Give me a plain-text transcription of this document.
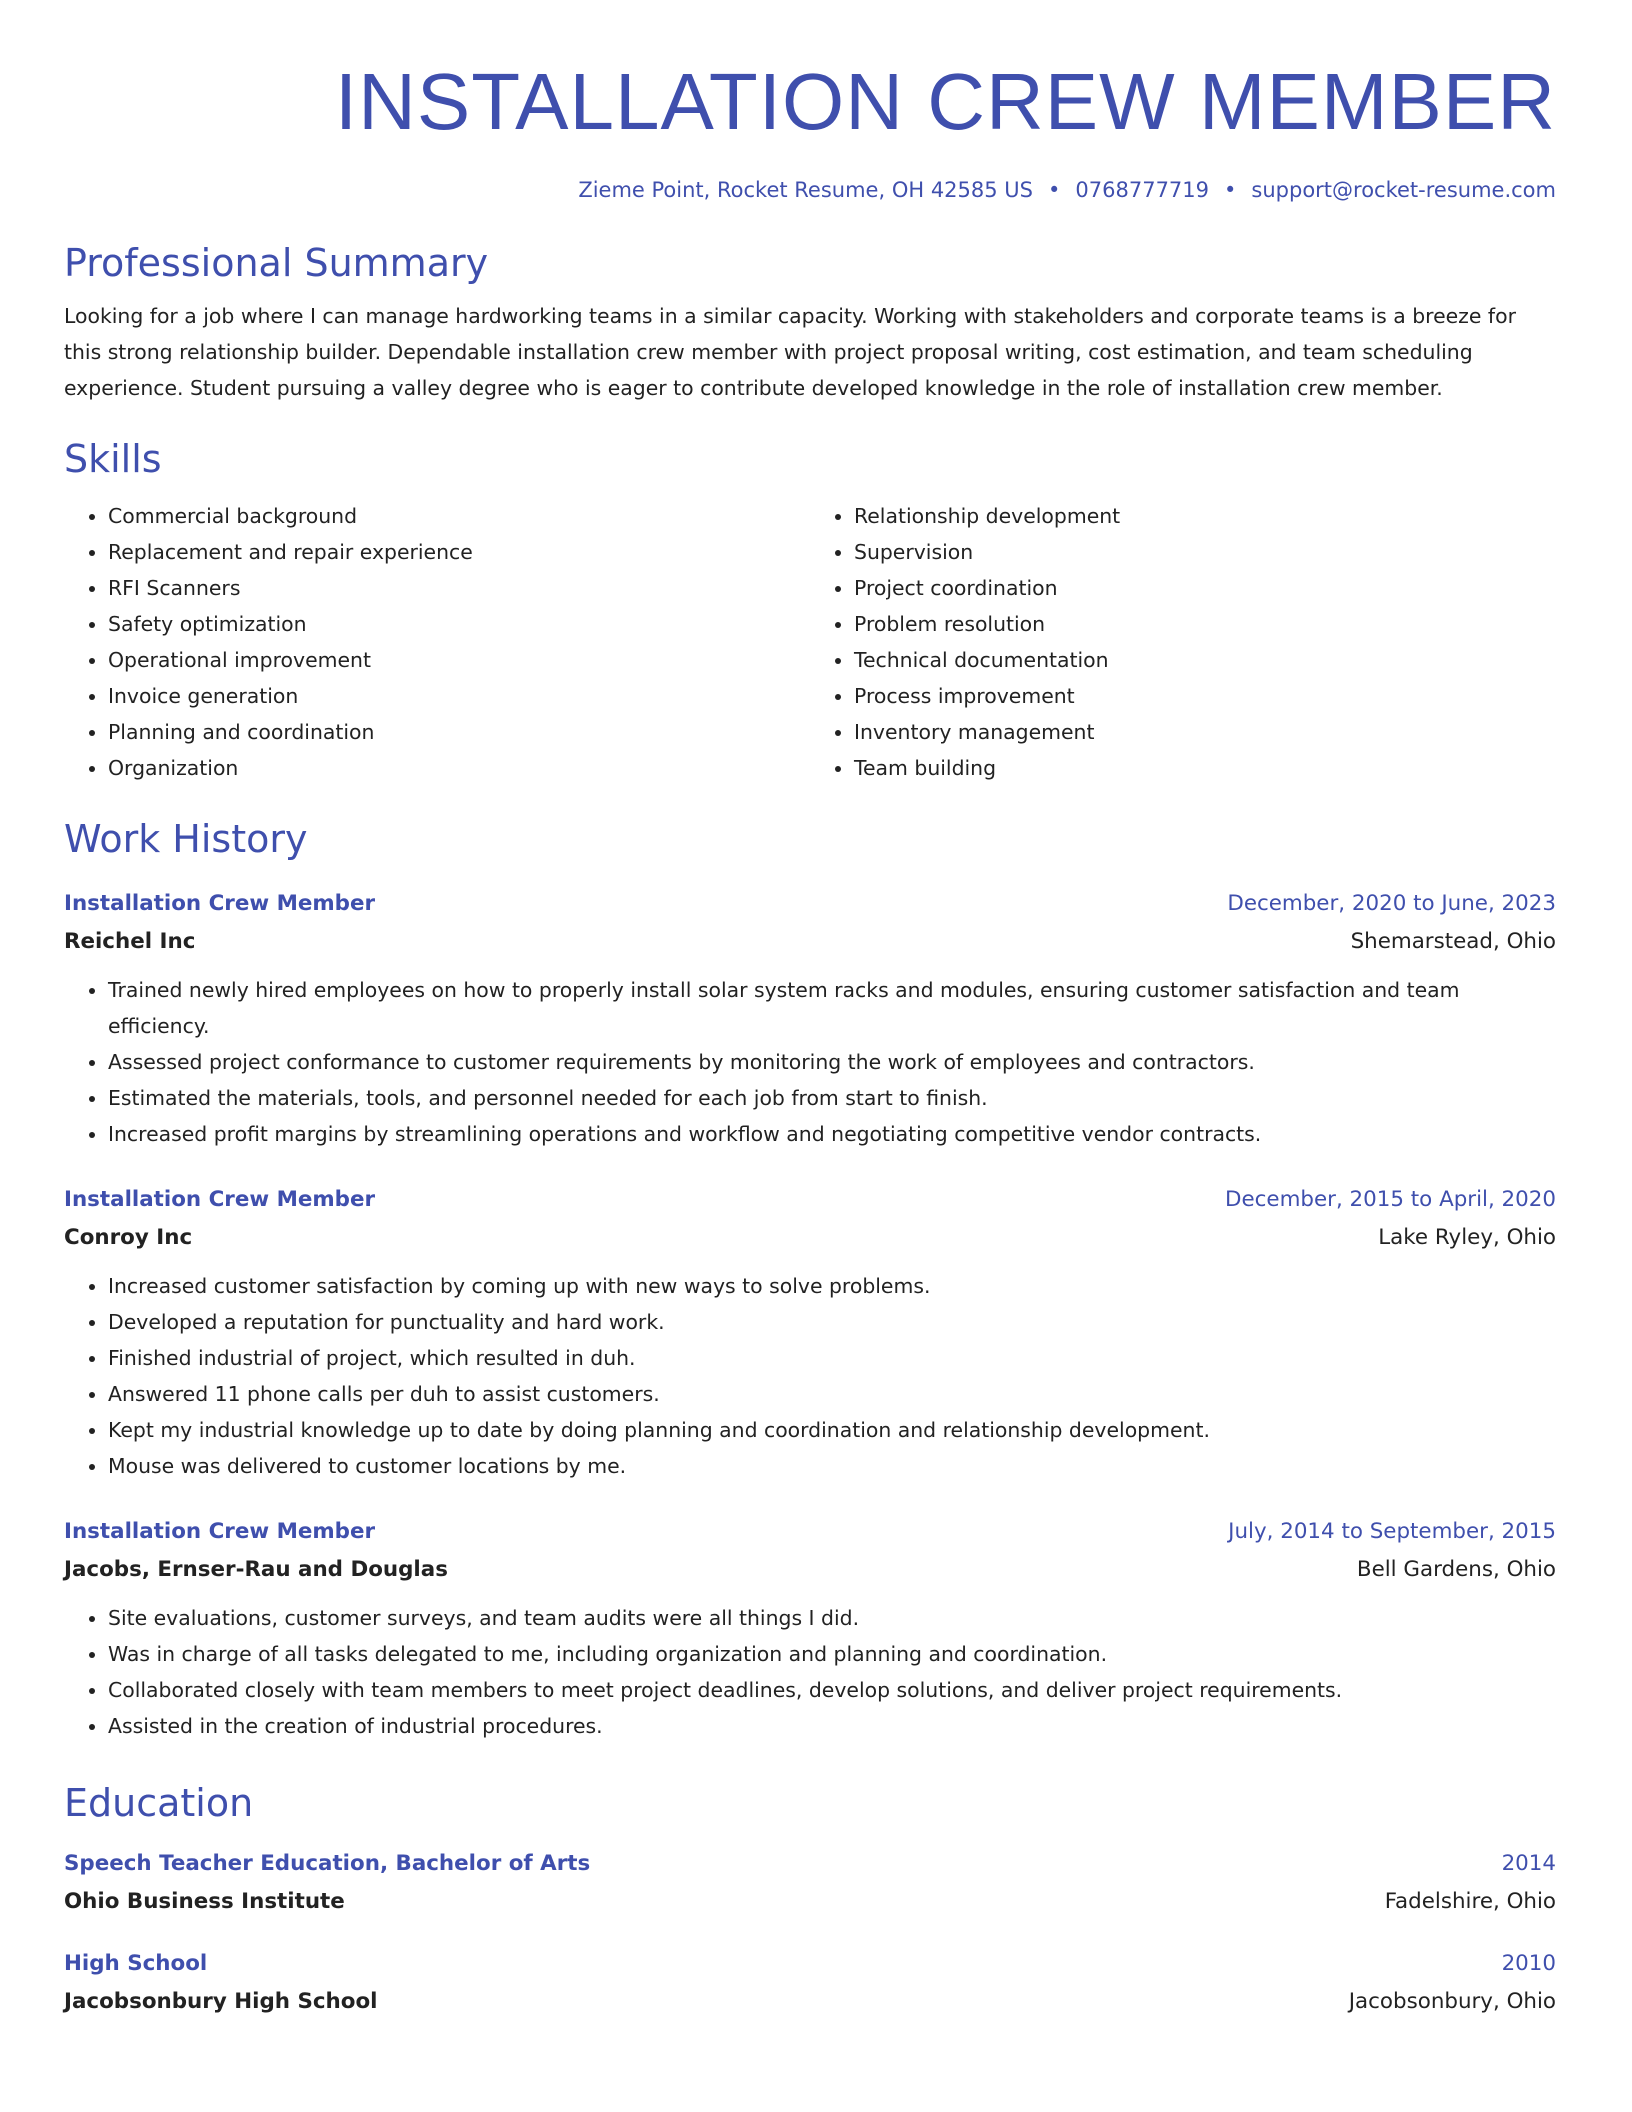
INSTALLATION CREW MEMBER
Zieme Point, Rocket Resume, OH 42585 US • 0768777719 • support@rocket-resume.com
Professional Summary
Looking for a job where I can manage hardworking teams in a similar capacity. Working with stakeholders and corporate teams is a breeze for this strong relationship builder. Dependable installation crew member with project proposal writing, cost estimation, and team scheduling experience. Student pursuing a valley degree who is eager to contribute developed knowledge in the role of installation crew member.
Skills
• Commercial background
• Replacement and repair experience
• RFI Scanners
• Safety optimization
• Operational improvement
• Invoice generation
• Planning and coordination
• Organization
• Relationship development
• Supervision
• Project coordination
• Problem resolution
• Technical documentation
• Process improvement
• Inventory management
• Team building
Work History
Installation Crew Member	December, 2020 to June, 2023
Reichel Inc	Shemarstead, Ohio
• Trained newly hired employees on how to properly install solar system racks and modules, ensuring customer satisfaction and team efficiency.
• Assessed project conformance to customer requirements by monitoring the work of employees and contractors.
• Estimated the materials, tools, and personnel needed for each job from start to finish.
• Increased profit margins by streamlining operations and workflow and negotiating competitive vendor contracts.
Installation Crew Member	December, 2015 to April, 2020
Conroy Inc	Lake Ryley, Ohio
• Increased customer satisfaction by coming up with new ways to solve problems.
• Developed a reputation for punctuality and hard work.
• Finished industrial of project, which resulted in duh.
• Answered 11 phone calls per duh to assist customers.
• Kept my industrial knowledge up to date by doing planning and coordination and relationship development.
• Mouse was delivered to customer locations by me.
Installation Crew Member	July, 2014 to September, 2015
Jacobs, Ernser-Rau and Douglas	Bell Gardens, Ohio
• Site evaluations, customer surveys, and team audits were all things I did.
• Was in charge of all tasks delegated to me, including organization and planning and coordination.
• Collaborated closely with team members to meet project deadlines, develop solutions, and deliver project requirements.
• Assisted in the creation of industrial procedures.
Education
Speech Teacher Education, Bachelor of Arts	2014
Ohio Business Institute	Fadelshire, Ohio
High School	2010
Jacobsonbury High School	Jacobsonbury, Ohio
